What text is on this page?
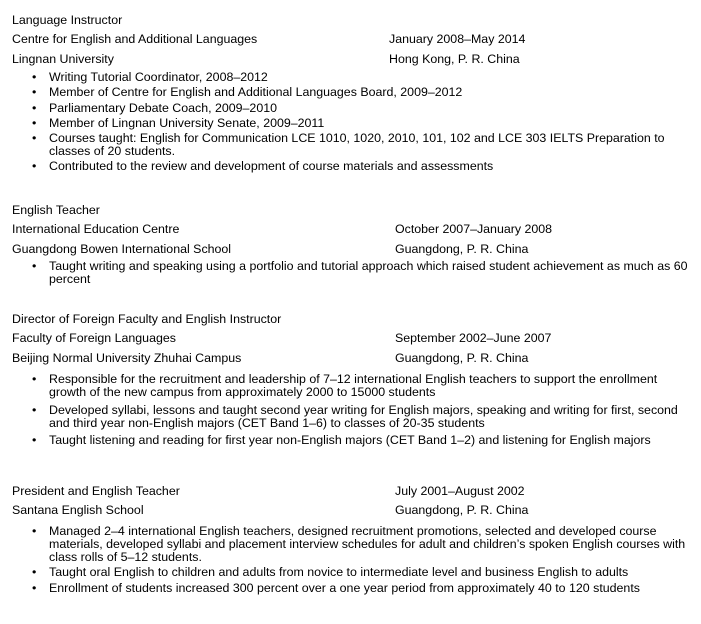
Language Instructor
Centre for English and Additional Languages	January 2008–May 2014
Lingnan University	Hong Kong, P. R. China
• Writing Tutorial Coordinator, 2008–2012
• Member of Centre for English and Additional Languages Board, 2009–2012
• Parliamentary Debate Coach, 2009–2010
• Member of Lingnan University Senate, 2009–2011
• Courses taught: English for Communication LCE 1010, 1020, 2010, 101, 102 and LCE 303 IELTS Preparation to classes of 20 students.
• Contributed to the review and development of course materials and assessments
English Teacher
International Education Centre	October 2007–January 2008
Guangdong Bowen International School	Guangdong, P. R. China
• Taught writing and speaking using a portfolio and tutorial approach which raised student achievement as much as 60 percent
Director of Foreign Faculty and English Instructor
Faculty of Foreign Languages	September 2002–June 2007
Beijing Normal University Zhuhai Campus	Guangdong, P. R. China
• Responsible for the recruitment and leadership of 7–12 international English teachers to support the enrollment growth of the new campus from approximately 2000 to 15000 students
• Developed syllabi, lessons and taught second year writing for English majors, speaking and writing for first, second and third year non-English majors (CET Band 1–6) to classes of 20-35 students
• Taught listening and reading for first year non-English majors (CET Band 1–2) and listening for English majors
President and English Teacher	July 2001–August 2002
Santana English School	Guangdong, P. R. China
• Managed 2–4 international English teachers, designed recruitment promotions, selected and developed course materials, developed syllabi and placement interview schedules for adult and children’s spoken English courses with class rolls of 5–12 students.
• Taught oral English to children and adults from novice to intermediate level and business English to adults
• Enrollment of students increased 300 percent over a one year period from approximately 40 to 120 students
